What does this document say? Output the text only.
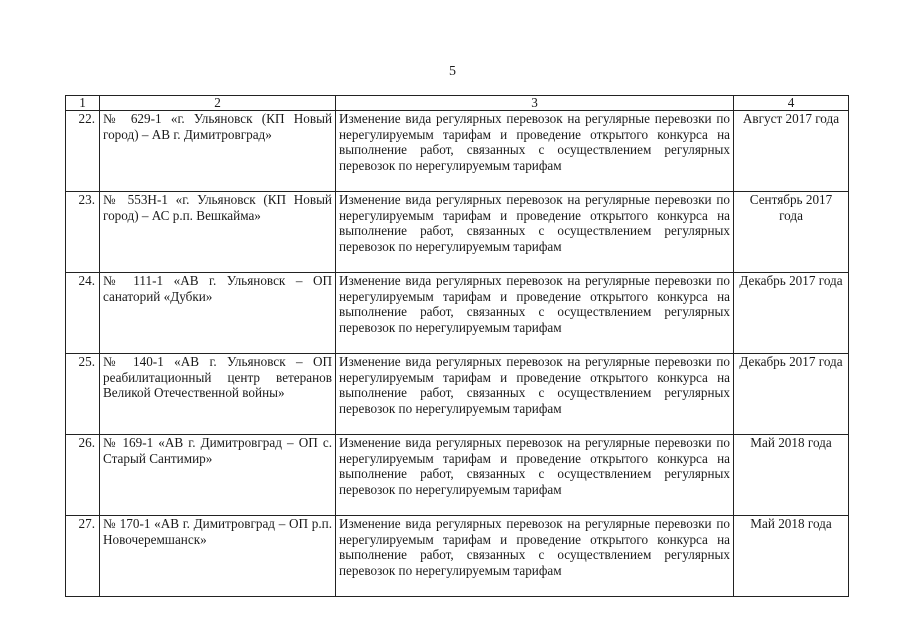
5
1	2	3	4
22.	№ 629-1 «г. Ульяновск (КП Новый город) – АВ г. Димитровград»	Изменение вида регулярных перевозок на регулярные перевозки по нерегулируемым тарифам и проведение открытого конкурса на выполнение работ, связанных с осуществлением регулярных перевозок по нерегулируемым тарифам	Август 2017 года
23.	№ 553Н-1 «г. Ульяновск (КП Новый город) – АС р.п. Вешкайма»	Изменение вида регулярных перевозок на регулярные перевозки по нерегулируемым тарифам и проведение открытого конкурса на выполнение работ, связанных с осуществлением регулярных перевозок по нерегулируемым тарифам	Сентябрь 2017 года
24.	№ 111-1 «АВ г. Ульяновск – ОП санаторий «Дубки»	Изменение вида регулярных перевозок на регулярные перевозки по нерегулируемым тарифам и проведение открытого конкурса на выполнение работ, связанных с осуществлением регулярных перевозок по нерегулируемым тарифам	Декабрь 2017 года
25.	№ 140-1 «АВ г. Ульяновск – ОП реабилитационный центр ветеранов Великой Отечественной войны»	Изменение вида регулярных перевозок на регулярные перевозки по нерегулируемым тарифам и проведение открытого конкурса на выполнение работ, связанных с осуществлением регулярных перевозок по нерегулируемым тарифам	Декабрь 2017 года
26.	№ 169-1 «АВ г. Димитровград – ОП с. Старый Сантимир»	Изменение вида регулярных перевозок на регулярные перевозки по нерегулируемым тарифам и проведение открытого конкурса на выполнение работ, связанных с осуществлением регулярных перевозок по нерегулируемым тарифам	Май 2018 года
27.	№ 170-1 «АВ г. Димитровград – ОП р.п. Новочеремшанск»	Изменение вида регулярных перевозок на регулярные перевозки по нерегулируемым тарифам и проведение открытого конкурса на выполнение работ, связанных с осуществлением регулярных перевозок по нерегулируемым тарифам	Май 2018 года
